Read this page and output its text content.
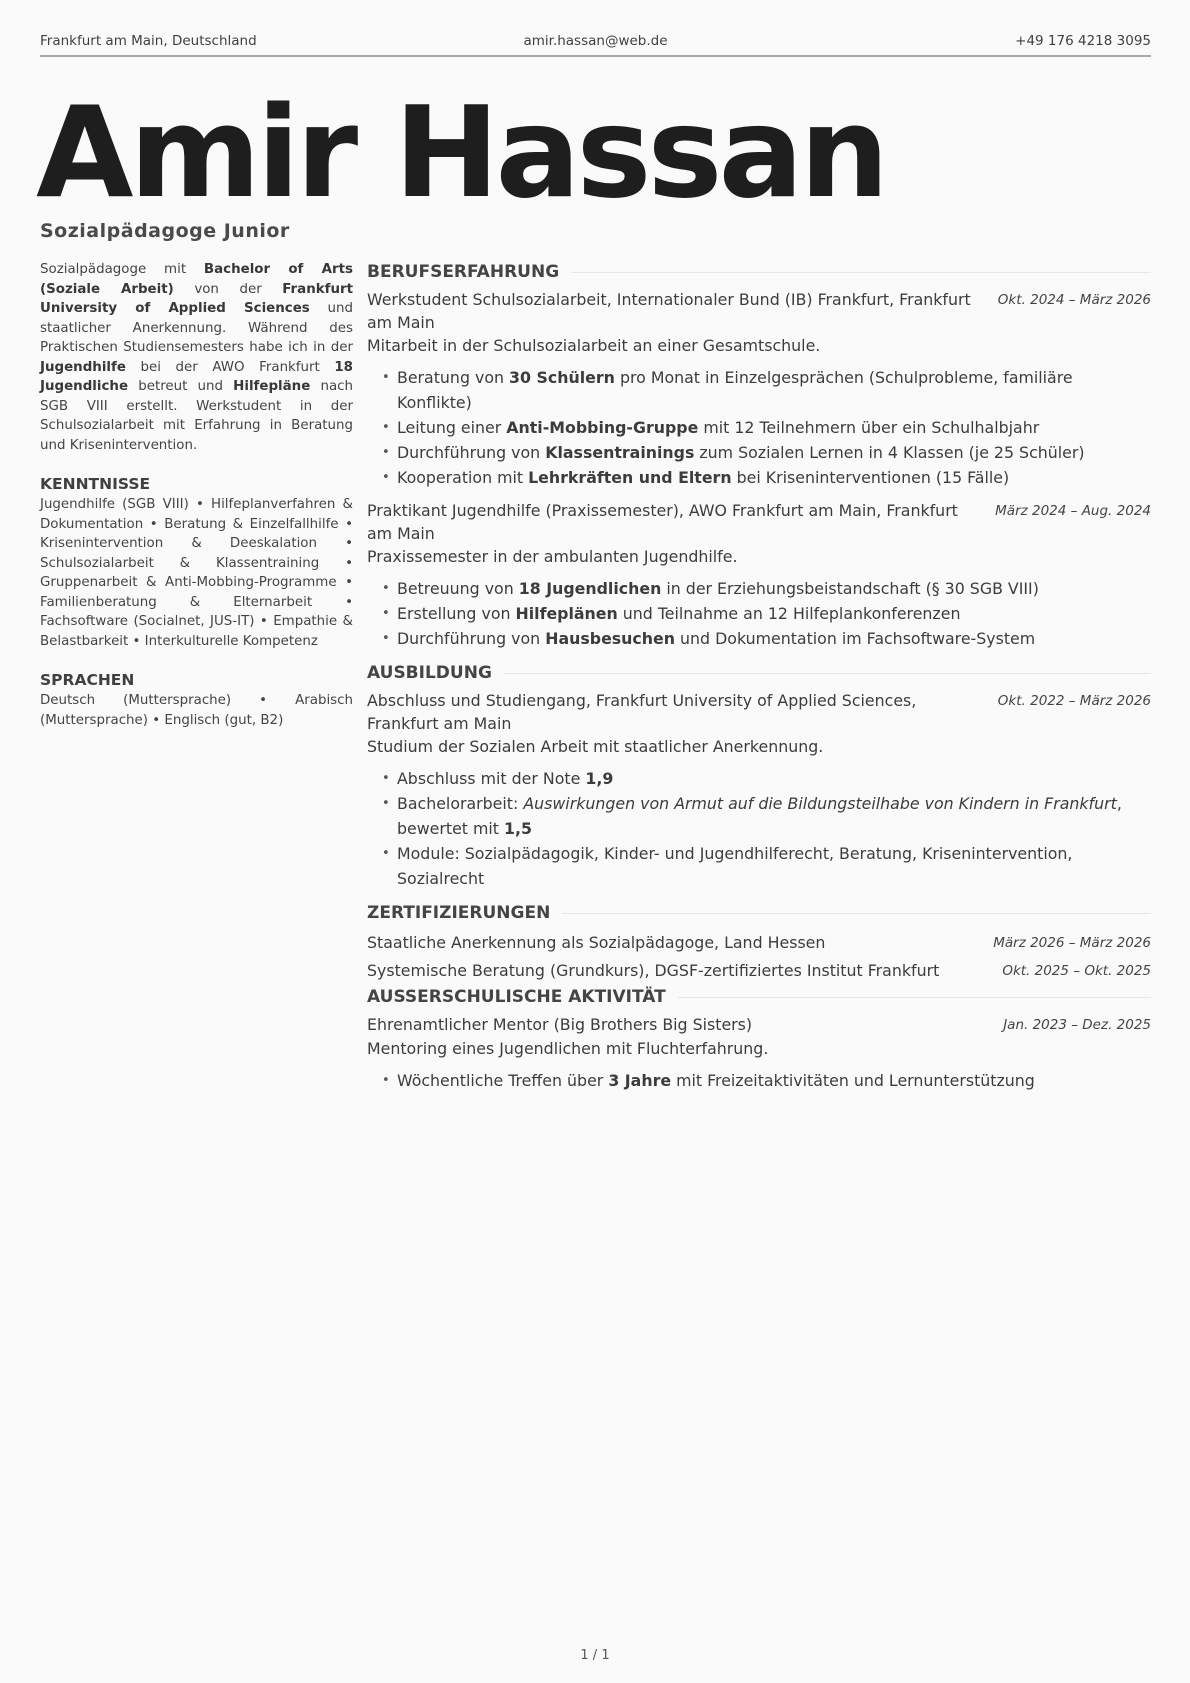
Frankfurt am Main, Deutschland	amir.hassan@web.de	+49 176 4218 3095
Amir Hassan
Sozialpädagoge Junior

Sozialpädagoge mit Bachelor of Arts (Soziale Arbeit) von der Frankfurt University of Applied Sciences und staatlicher Anerkennung. Während des Praktischen Studiensemesters habe ich in der Jugendhilfe bei der AWO Frankfurt 18 Jugendliche betreut und Hilfepläne nach SGB VIII erstellt. Werkstudent in der Schulsozialarbeit mit Erfahrung in Beratung und Krisenintervention.

KENNTNISSE

Jugendhilfe (SGB VIII) • Hilfeplanverfahren & Dokumentation • Beratung & Einzelfallhilfe • Krisenintervention & Deeskalation • Schulsozialarbeit & Klassentraining • Gruppenarbeit & Anti-Mobbing-Programme • Familienberatung & Elternarbeit • Fachsoftware (Socialnet, JUS-IT) • Empathie & Belastbarkeit • Interkulturelle Kompetenz

SPRACHEN

Deutsch (Muttersprache) • Arabisch (Muttersprache) • Englisch (gut, B2)

BERUFSERFAHRUNG
Werkstudent Schulsozialarbeit, Internationaler Bund (IB) Frankfurt, Frankfurt am Main
Okt. 2024 – März 2026

Mitarbeit in der Schulsozialarbeit an einer Gesamtschule.

• Beratung von 30 Schülern pro Monat in Einzelgesprächen (Schulprobleme, familiäre Konflikte)
• Leitung einer Anti-Mobbing-Gruppe mit 12 Teilnehmern über ein Schulhalbjahr
• Durchführung von Klassentrainings zum Sozialen Lernen in 4 Klassen (je 25 Schüler)
• Kooperation mit Lehrkräften und Eltern bei Kriseninterventionen (15 Fälle)
Praktikant Jugendhilfe (Praxissemester), AWO Frankfurt am Main, Frankfurt am Main
März 2024 – Aug. 2024

Praxissemester in der ambulanten Jugendhilfe.

• Betreuung von 18 Jugendlichen in der Erziehungsbeistandschaft (§ 30 SGB VIII)
• Erstellung von Hilfeplänen und Teilnahme an 12 Hilfeplankonferenzen
• Durchführung von Hausbesuchen und Dokumentation im Fachsoftware-System
AUSBILDUNG
Abschluss und Studiengang, Frankfurt University of Applied Sciences, Frankfurt am Main
Okt. 2022 – März 2026

Studium der Sozialen Arbeit mit staatlicher Anerkennung.

• Abschluss mit der Note 1,9
• Bachelorarbeit: Auswirkungen von Armut auf die Bildungsteilhabe von Kindern in Frankfurt, bewertet mit 1,5
• Module: Sozialpädagogik, Kinder- und Jugendhilferecht, Beratung, Krisenintervention, Sozialrecht
ZERTIFIZIERUNGEN
Staatliche Anerkennung als Sozialpädagoge, Land Hessen	März 2026 – März 2026
Systemische Beratung (Grundkurs), DGSF-zertifiziertes Institut Frankfurt	Okt. 2025 – Okt. 2025
AUSSERSCHULISCHE AKTIVITÄT
Ehrenamtlicher Mentor (Big Brothers Big Sisters)	Jan. 2023 – Dez. 2025

Mentoring eines Jugendlichen mit Fluchterfahrung.

• Wöchentliche Treffen über 3 Jahre mit Freizeitaktivitäten und Lernunterstützung
1 / 1
